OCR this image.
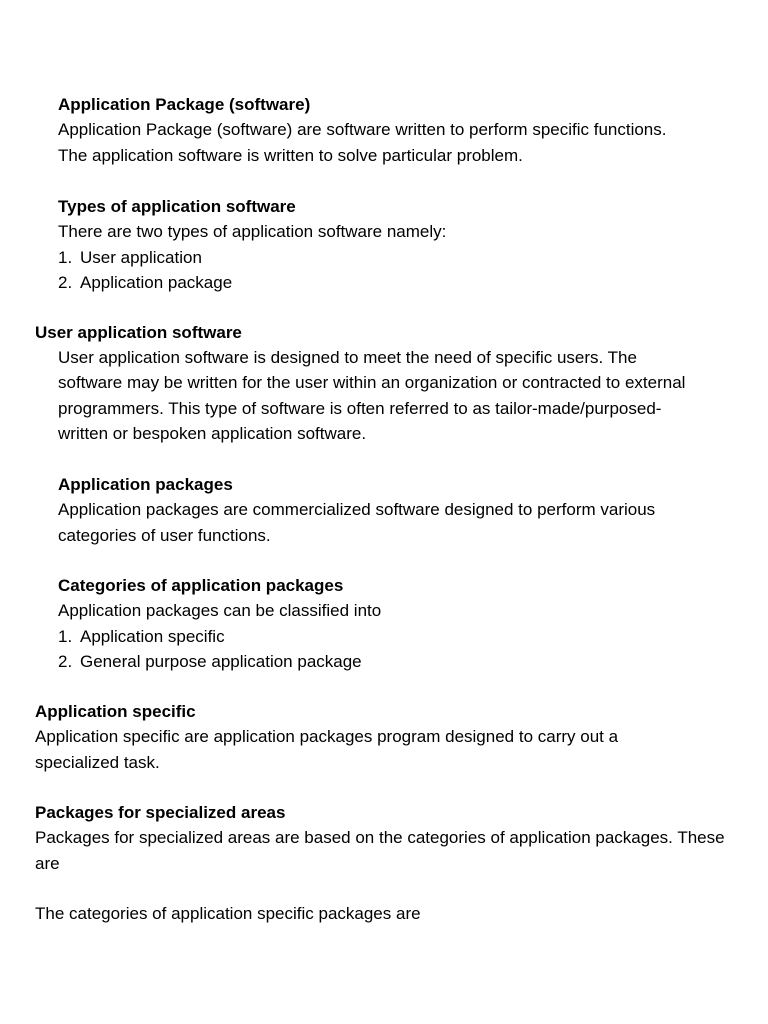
Application Package (software)
Application Package (software) are software written to perform specific functions. The application software is written to solve particular problem.
Types of application software
There are two types of application software namely:
1. User application
2. Application package
User application software
User application software is designed to meet the need of specific users. The software may be written for the user within an organization or contracted to external programmers. This type of software is often referred to as tailor-made/purposed-written or bespoken application software.
Application packages
Application packages are commercialized software designed to perform various categories of user functions.
Categories of application packages
Application packages can be classified into
1. Application specific
2. General purpose application package
Application specific
Application specific are application packages program designed to carry out a specialized task.
Packages for specialized areas
Packages for specialized areas are based on the categories of application packages. These are
The categories of application specific packages are
